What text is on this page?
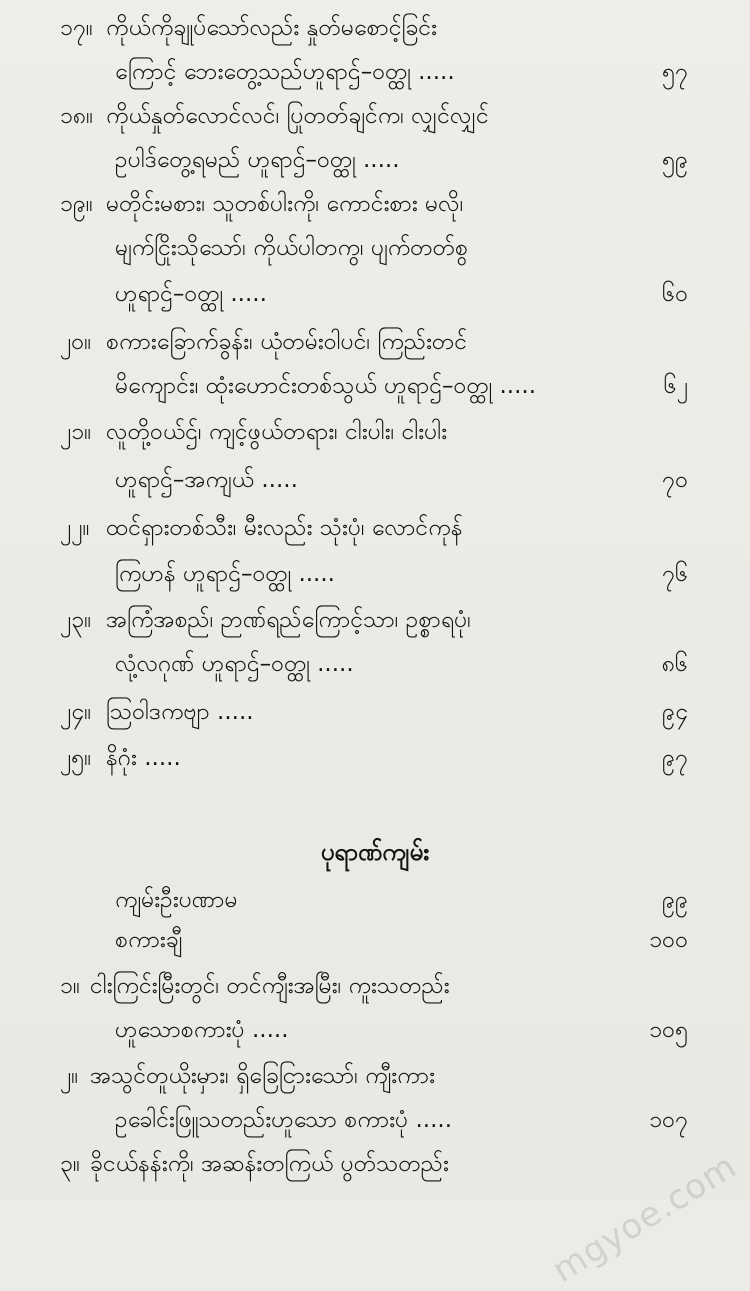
၁၇။ ကိုယ်ကိုချုပ်သော်လည်း နှုတ်မစောင့်ခြင်း
ကြောင့် ဘေးတွေ့သည်ဟူရာဌ်–ဝတ္ထု .....	၅၇
၁၈။ ကိုယ်နှုတ်လောင်လင်၊ ပြုတတ်ချင်က၊ လျှင်လျှင်
ဥပါဒ်တွေ့ရမည် ဟူရာဌ်–ဝတ္ထု .....	၅၉
၁၉။ မတိုင်းမစား၊ သူတစ်ပါးကို၊ ကောင်းစား မလို၊
မျက်ငြိုးသိုသော်၊ ကိုယ်ပါတကွ၊ ပျက်တတ်စွ
ဟူရာဌ်–ဝတ္ထု .....	၆၀
၂၀။ စကားခြောက်ခွန်း၊ ယုံတမ်းဝါပင်၊ ကြည်းတင်
မိကျောင်း၊ ထုံးဟောင်းတစ်သွယ် ဟူရာဌ်–ဝတ္ထု .....	၆၂
၂၁။ လူတို့ဝယ်ဌ်၊ ကျင့်ဖွယ်တရား၊ ငါးပါး၊ ငါးပါး
ဟူရာဌ်–အကျယ် .....	၇၀
၂၂။ ထင်ရှားတစ်သီး၊ မီးလည်း သုံးပုံ၊ လောင်ကုန်
ကြဟန် ဟူရာဌ်–ဝတ္ထု .....	၇၆
၂၃။ အကြံအစည်၊ ဉာဏ်ရည်ကြောင့်သာ၊ ဥစ္စာရပုံ၊
လုံ့လဂုဏ် ဟူရာဌ်–ဝတ္ထု .....	၈၆
၂၄။ သြဝါဒကဗျာ .....	၉၄
၂၅။ နိဂုံး .....	၉၇
ပုရာဏ်ကျမ်း
ကျမ်းဦးပဏာမ	၉၉
စကားချီ	၁၀၀
၁။ ငါးကြင်းမြီးတွင်၊ တင်ကျီးအမြီး၊ ကူးသတည်း
ဟူသောစကားပုံ .....	၁၀၅
၂။ အသွင်တူယိုးမှား၊ ရှိခြေငြားသော်၊ ကျီးကား
ဥခေါင်းဖြူသတည်းဟူသော စကားပုံ .....	၁၀၇
၃။ ခိုငယ်နန်းကို၊ အဆန်းတကြယ် ပွတ်သတည်း	mgyoe.com
